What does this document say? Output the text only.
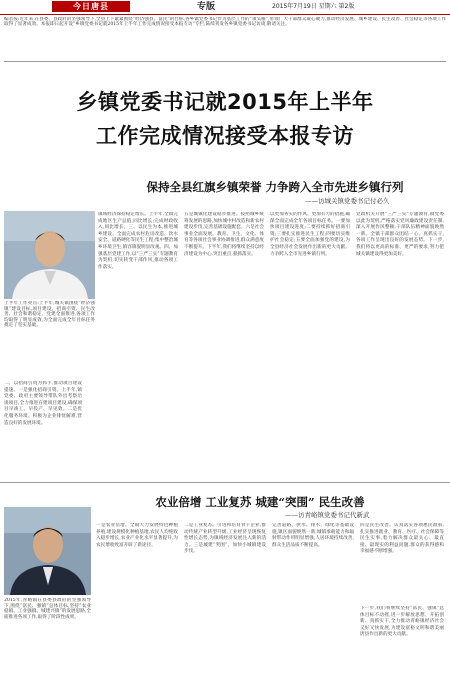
今日唐县	专版	2015年7月19日 星期六 第2版
编者按:近年来,在县委、县政府的坚强领导下,全县上下紧紧围绕“经济强县、富民”的目标,各乡镇党委书记作为基层工作的“领头雁”,带领广大干部群众凝心聚力,推动经济发展、城乡建设、民生改善、社会稳定等各项工作取得了显著成效。本报即日起开设“乡镇党委书记就2015年上半年工作完成情况接受本报专访”专栏,陆续刊发各乡镇党委书记访谈,敬请关注。
乡镇党委书记就2015年上半年
工作完成情况接受本报专访
保持全县红旗乡镇荣誉 力争跨入全市先进乡镇行列
——访城关镇党委书记付必久
上半年工作亮点:上半年,城关镇围绕“经济强镇”建设目标,项目建设、招商引资、民生改善、社会和谐稳定、党建全面推进,各项工作均取得了明显成效,为全面完成全年目标任务奠定了坚实基础。
二、以招商引资为抓手,推动项目建设提速。一是强化招商引资。上半年,镇党委、政府主要领导带队外出考察洽谈项目,全力推进在建项目建设,确保项目早竣工、早投产、早见效。二是优化服务环境。积极为企业排忧解难,营造良好的发展环境。
镇域经济保持稳定增长。上半年,全镇完成地区生产总值,同比增长;完成财政收入,同比增长。三、以民生为本,推进城乡建设。全面完成农村危房改造、饮水安全、道路硬化等民生工程;集中整治城乡环境卫生,镇容镇貌明显改观。四、加强基层党建工作,以“三严三实”专题教育为契机,切实转变干部作风,推动各项工作落实。
五是城镇化建设稳步推进。按照城乡统筹发展的思路,加快城中村改造和新农村建设步伐,完善基础设施配套。六是社会事业全面发展。教育、卫生、文化、体育等各项社会事业协调推进,群众满意度不断提升。下半年,我们将继续坚持以经济建设为中心,突出重点,狠抓落实。
以更加务实的作风、更加有力的措施,确保全面完成全年各项目标任务。一要加快项目建设进度;二要持续抓好招商引资;三要扎实推进民生工程;四要切实维护社会稳定;五要全面加强党的建设,为全县经济社会发展作出新的更大贡献。力争跨入全市先进乡镇行列。
党政机关开展“三严三实”专题教育,镇党委以此为契机,严格落实党风廉政建设责任制,深入开展作风整顿,干部队伍精神面貌焕然一新。全镇干部群众团结一心、真抓实干,各项工作呈现出良好的发展态势。下一步,我们将以更高的标准、更严的要求,努力把城关镇建设得更加美好。
农业倍增 工业复苏 城建“突围” 民生改善
——访青峪镇党委书记代新武
2015年,青峪镇在县委县政府的坚强领导下,围绕“富民、强镇”总体目标,坚持“农业稳镇、工业强镇、城建兴镇”的发展思路,全面推进各项工作,取得了阶段性成果。
一是农业倍增。全镇大力发展特色种植养殖,建设规模化种植基地,农民人均纯收入稳步增长,农业产业化水平显著提升,为农民增收致富开辟了新途径。
二是工业复苏。引进和培育骨干企业,推动传统产业转型升级,工业经济呈现恢复性增长态势,为镇域经济发展注入新的活力。三是城建“突围”。加快小城镇建设步伐。
完善道路、供水、排水、绿化等基础设施,镇区面貌焕然一新,城镇承载能力和辐射带动作用明显增强,人居环境持续改善,群众生活品质不断提高。
四是民生改善。认真落实各项惠民政策,扎实推进就业、教育、医疗、社会保障等民生实事,着力解决群众最关心、最直接、最现实的利益问题,群众的获得感和幸福感不断增强。
下一步,我们将继续坚持“富民、强镇”总体目标不动摇,进一步解放思想、开拓创新、真抓实干,全力推动青峪镇经济社会又好又快发展,为建设富裕文明和谐美丽唐县作出新的更大贡献。
